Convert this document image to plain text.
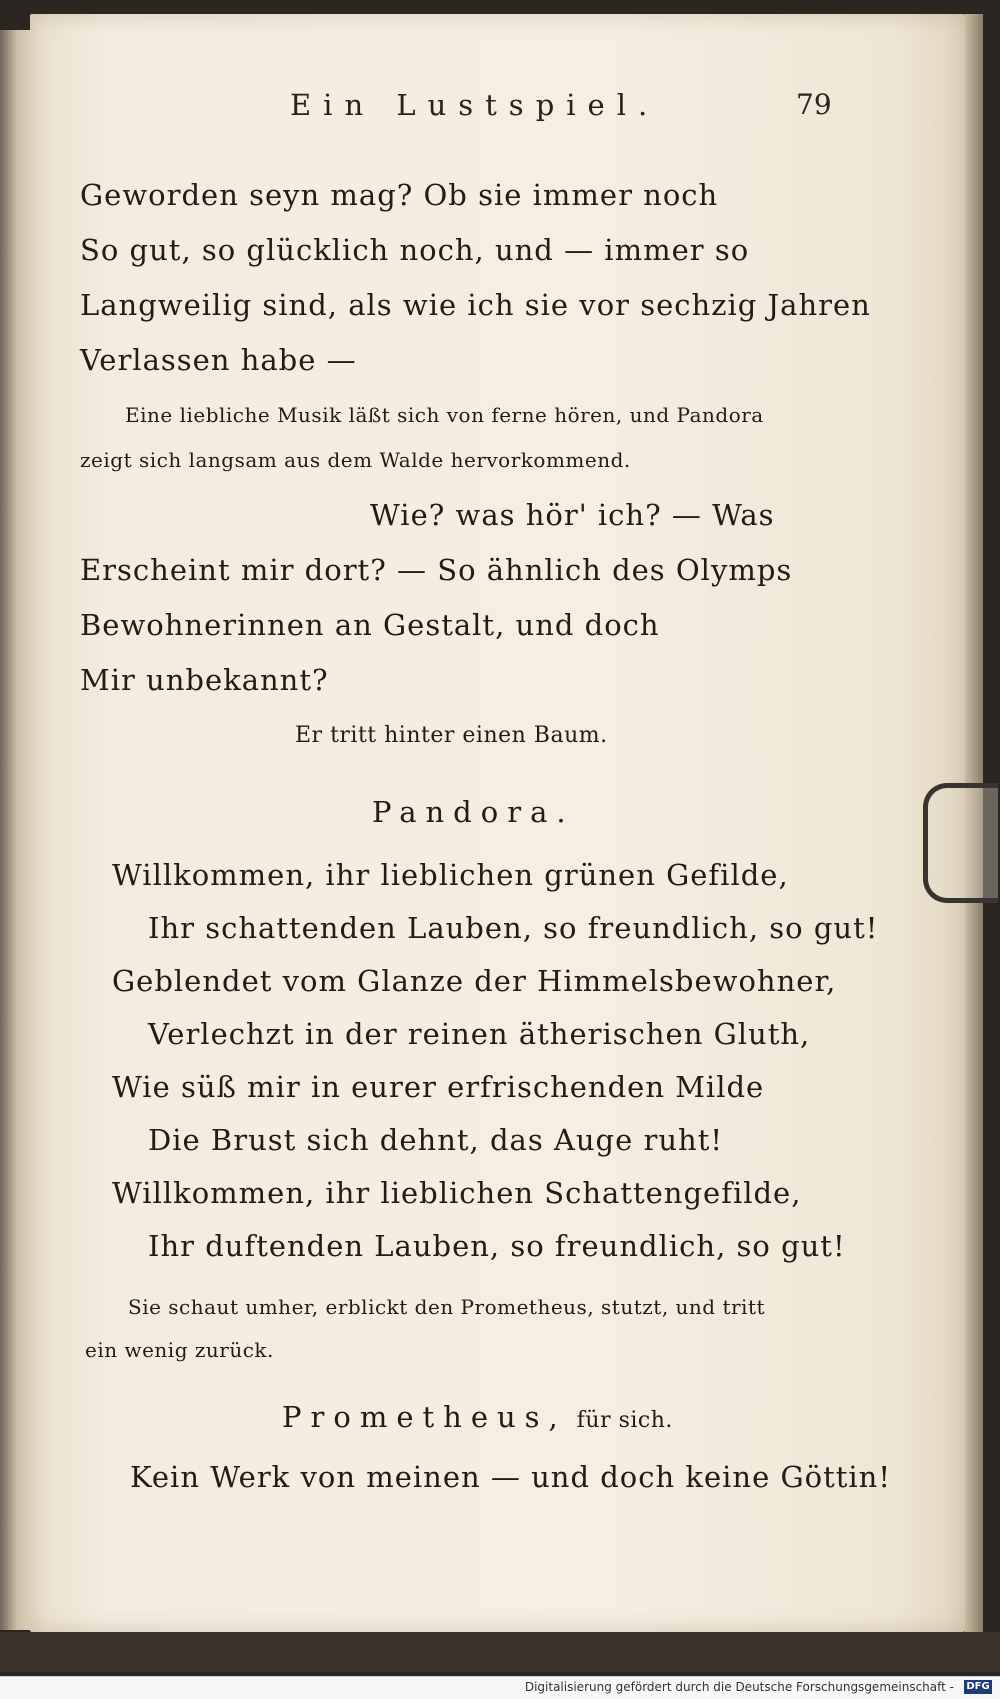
Ein Lustspiel.	79
Geworden seyn mag? Ob sie immer noch
So gut, so glücklich noch, und — immer so
Langweilig sind, als wie ich sie vor sechzig Jahren
Verlassen habe —
Eine liebliche Musik läßt sich von ferne hören, und Pandora
zeigt sich langsam aus dem Walde hervorkommend.
Wie? was hör' ich? — Was
Erscheint mir dort? — So ähnlich des Olymps
Bewohnerinnen an Gestalt, und doch
Mir unbekannt?
Er tritt hinter einen Baum.
Pandora.
Willkommen, ihr lieblichen grünen Gefilde,
Ihr schattenden Lauben, so freundlich, so gut!
Geblendet vom Glanze der Himmelsbewohner,
Verlechzt in der reinen ätherischen Gluth,
Wie süß mir in eurer erfrischenden Milde
Die Brust sich dehnt, das Auge ruht!
Willkommen, ihr lieblichen Schattengefilde,
Ihr duftenden Lauben, so freundlich, so gut!
Sie schaut umher, erblickt den Prometheus, stutzt, und tritt
ein wenig zurück.
Prometheus, für sich.
Kein Werk von meinen — und doch keine Göttin!
Digitalisierung gefördert durch die Deutsche Forschungsgemeinschaft - DFG
